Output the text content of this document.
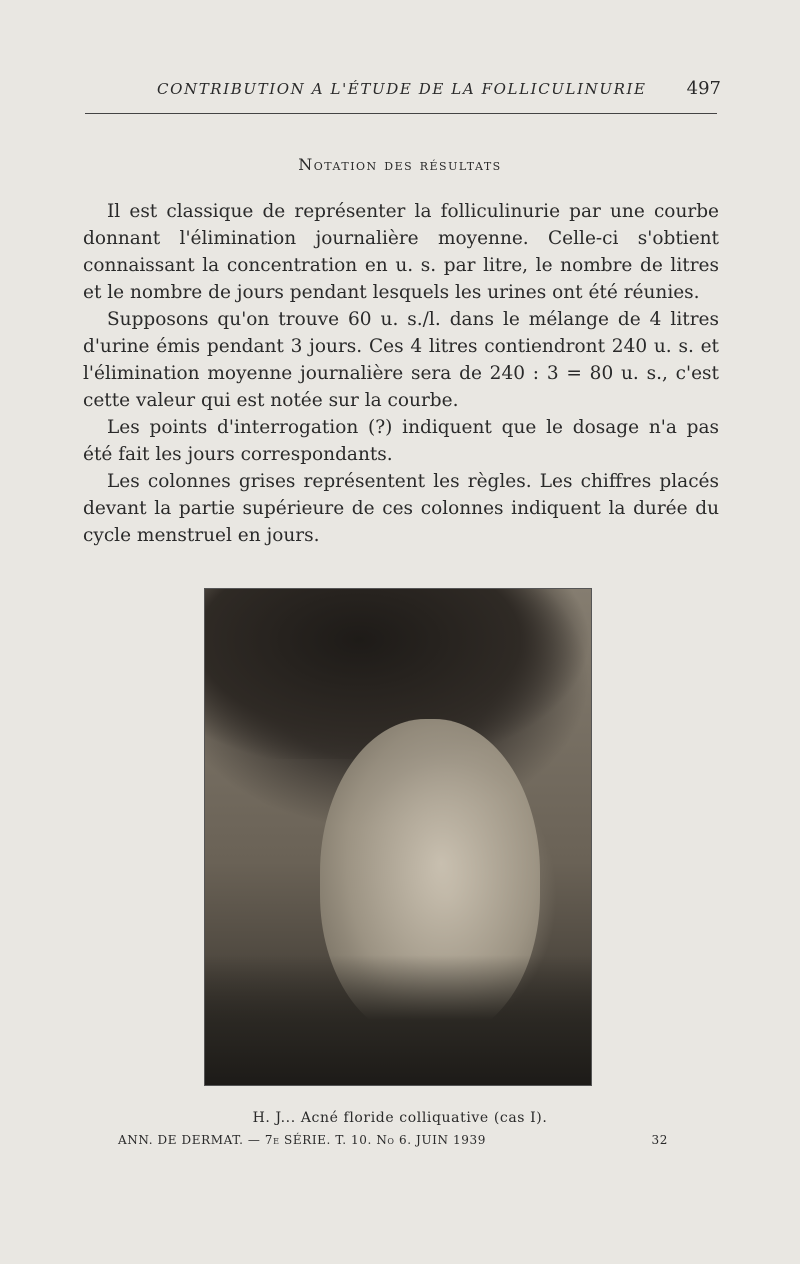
CONTRIBUTION A L'ÉTUDE DE LA FOLLICULINURIE 497
Notation des résultats

Il est classique de représenter la folliculinurie par une courbe donnant l'élimination journalière moyenne. Celle-ci s'obtient connaissant la concentration en u. s. par litre, le nombre de litres et le nombre de jours pendant lesquels les urines ont été réunies.

Supposons qu'on trouve 60 u. s./l. dans le mélange de 4 litres d'urine émis pendant 3 jours. Ces 4 litres contiendront 240 u. s. et l'élimination moyenne journalière sera de 240 : 3 = 80 u. s., c'est cette valeur qui est notée sur la courbe.

Les points d'interrogation (?) indiquent que le dosage n'a pas été fait les jours correspondants.

Les colonnes grises représentent les règles. Les chiffres placés devant la partie supérieure de ces colonnes indiquent la durée du cycle menstruel en jours.

H. J... Acné floride colliquative (cas I).
ANN. DE DERMAT. — 7e SÉRIE. T. 10. No 6. JUIN 1939	32
